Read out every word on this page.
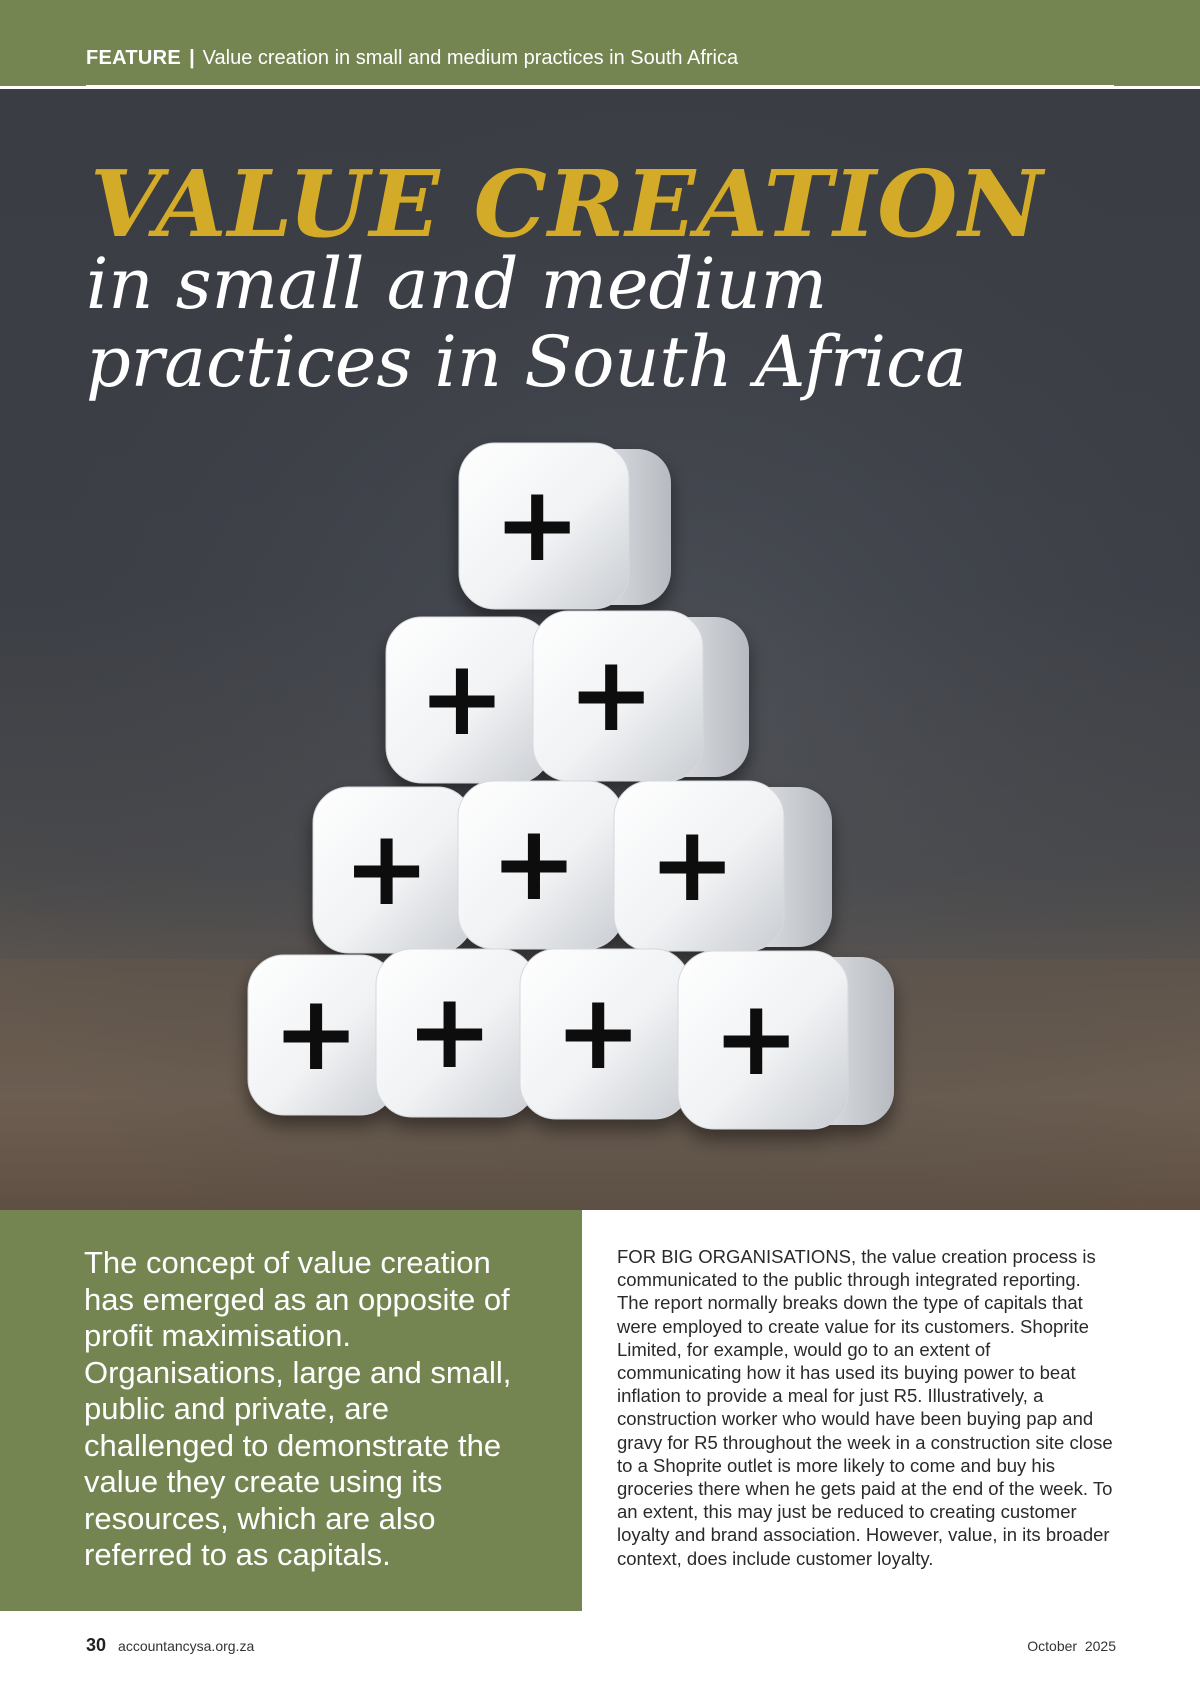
FEATURE | Value creation in small and medium practices in South Africa
+
+ +
+ + +
+ + + +
VALUE CREATION
in small and medium practices in South Africa

The concept of value creation has emerged as an opposite of profit maximisation. Organisations, large and small, public and private, are challenged to demonstrate the value they create using its resources, which are also referred to as capitals.

FOR BIG ORGANISATIONS, the value creation process is communicated to the public through integrated reporting. The report normally breaks down the type of capitals that were employed to create value for its customers. Shoprite Limited, for example, would go to an extent of communicating how it has used its buying power to beat inflation to provide a meal for just R5. Illustratively, a construction worker who would have been buying pap and gravy for R5 throughout the week in a construction site close to a Shoprite outlet is more likely to come and buy his groceries there when he gets paid at the end of the week. To an extent, this may just be reduced to creating customer loyalty and brand association. However, value, in its broader context, does include customer loyalty.

30 accountancysa.org.za	October  2025
